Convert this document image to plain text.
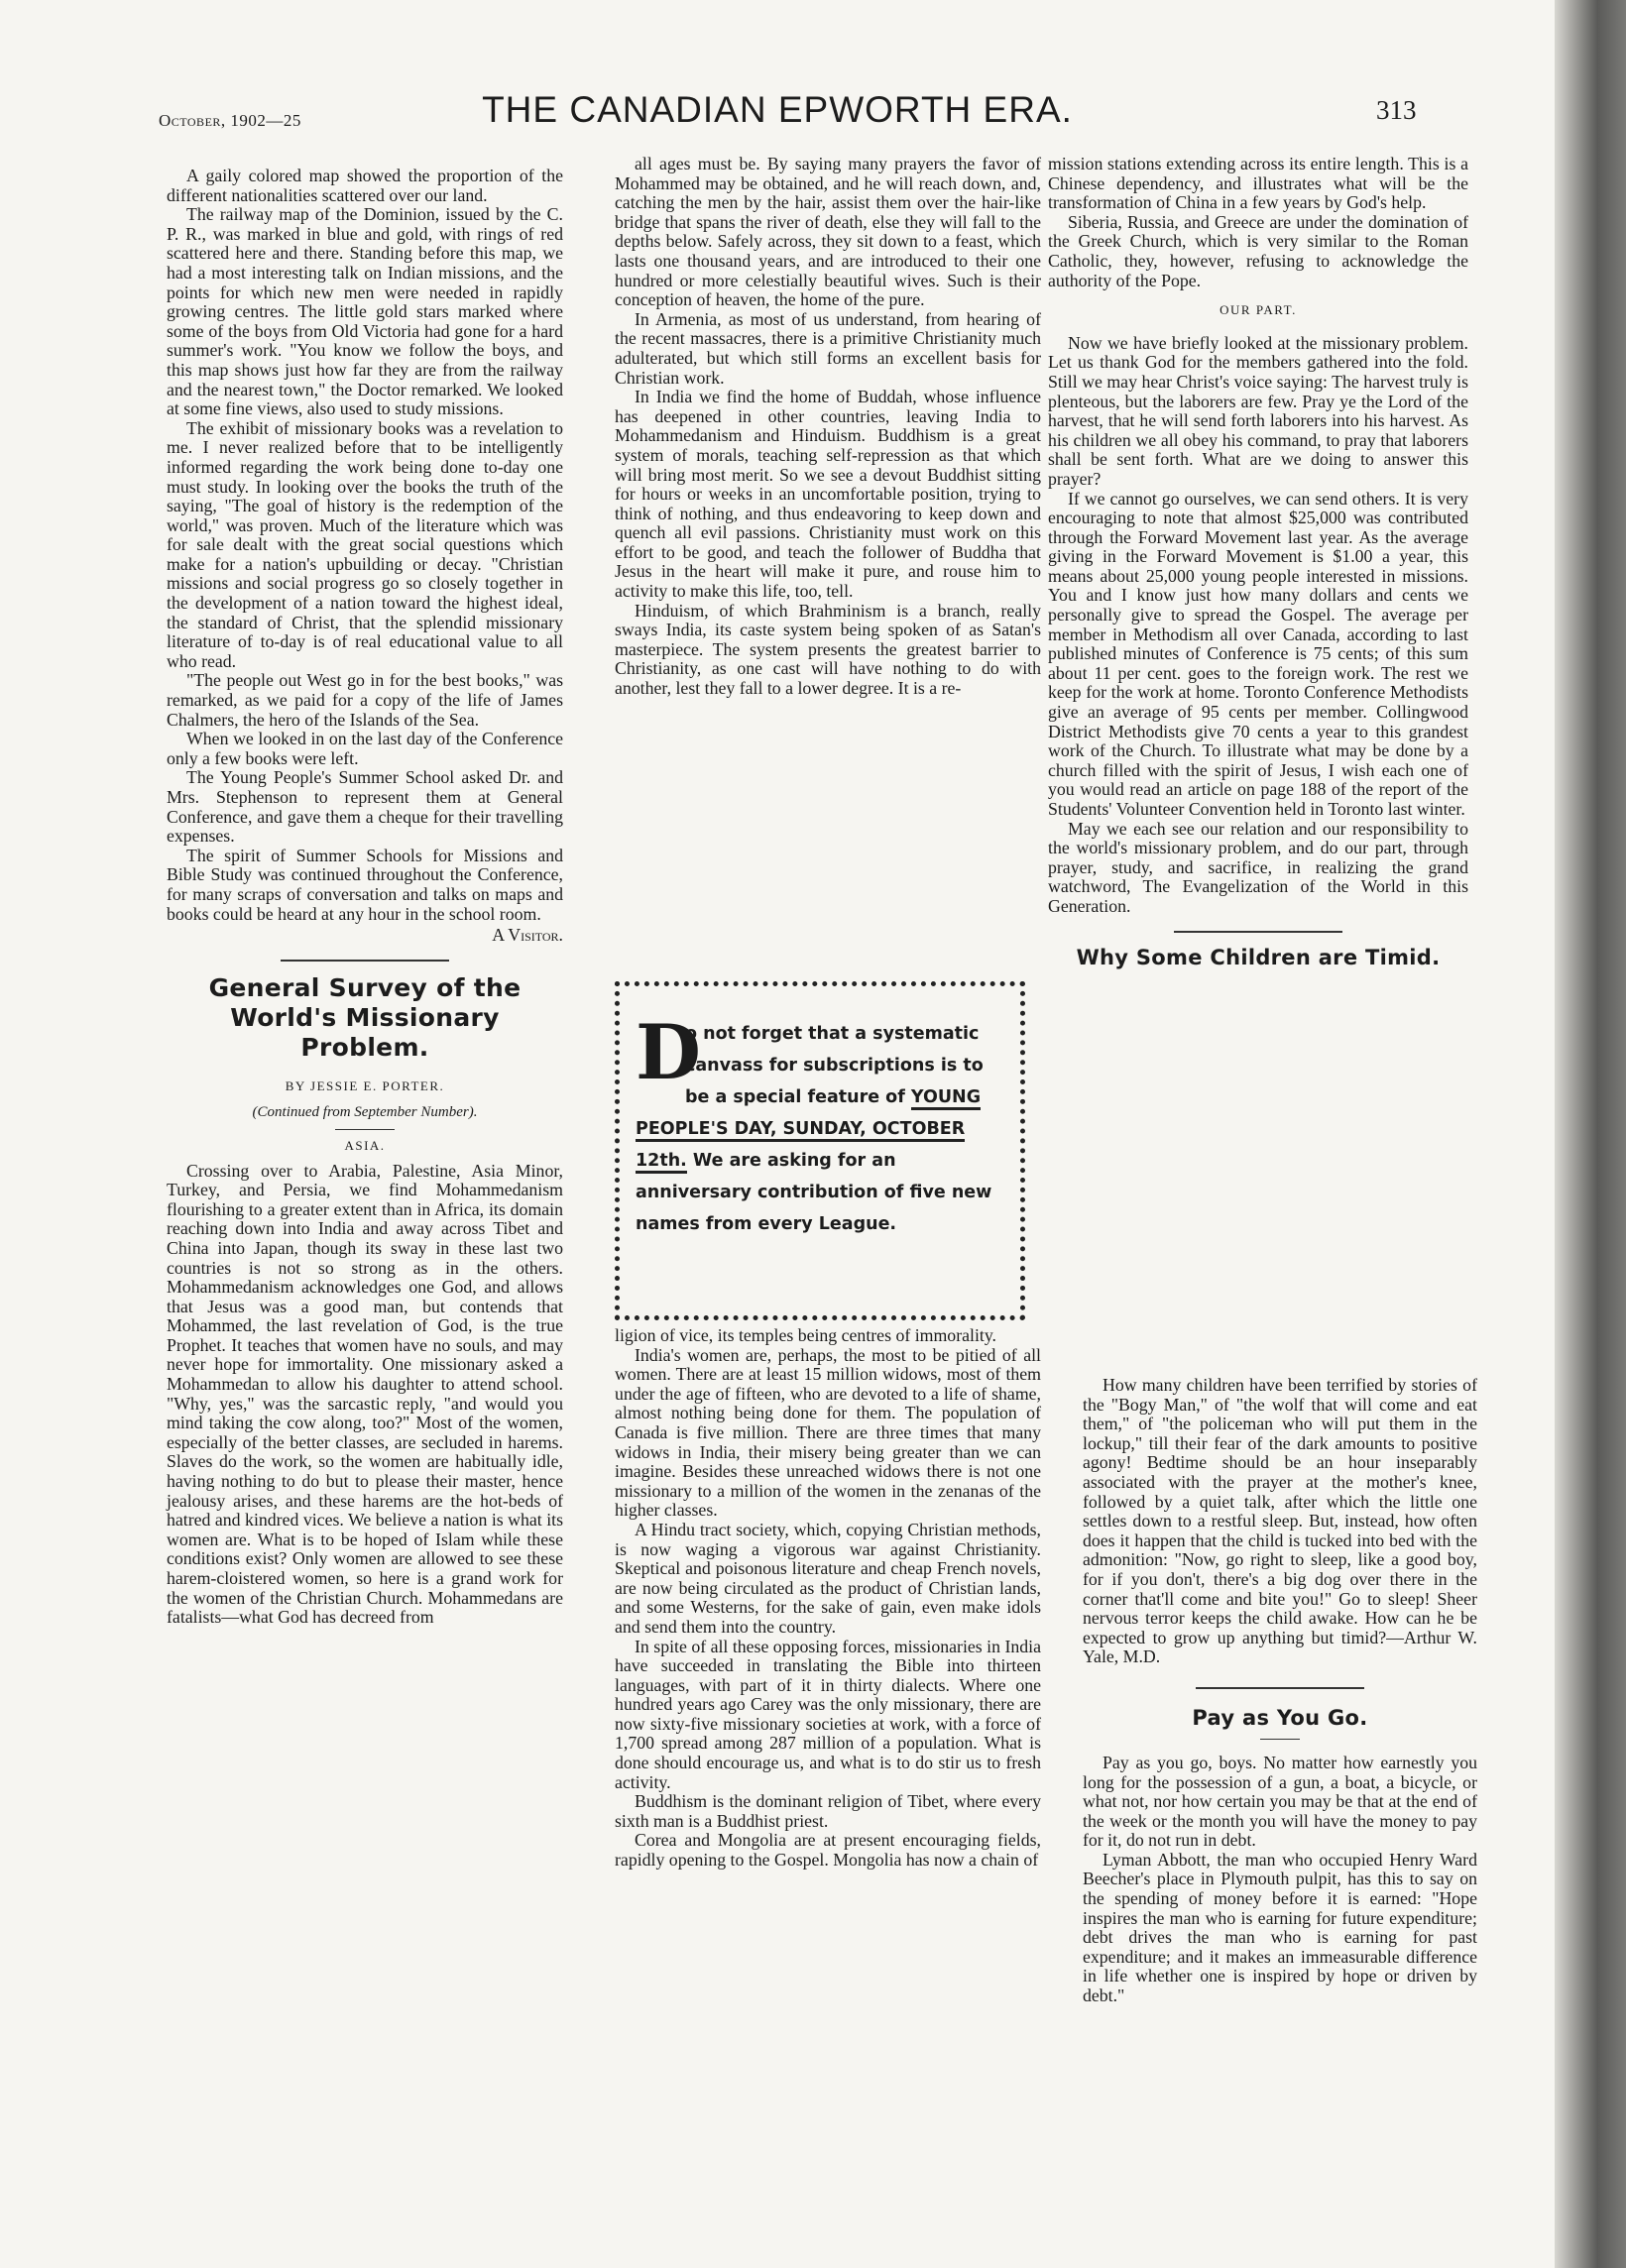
October, 1902—25	THE CANADIAN EPWORTH ERA.	313

A gaily colored map showed the proportion of the different nationalities scattered over our land.

The railway map of the Dominion, issued by the C. P. R., was marked in blue and gold, with rings of red scattered here and there. Standing before this map, we had a most interesting talk on Indian missions, and the points for which new men were needed in rapidly growing centres. The little gold stars marked where some of the boys from Old Victoria had gone for a hard summer's work. "You know we follow the boys, and this map shows just how far they are from the railway and the nearest town," the Doctor remarked. We looked at some fine views, also used to study missions.

The exhibit of missionary books was a revelation to me. I never realized before that to be intelligently informed regarding the work being done to-day one must study. In looking over the books the truth of the saying, "The goal of history is the redemption of the world," was proven. Much of the literature which was for sale dealt with the great social questions which make for a nation's upbuilding or decay. "Christian missions and social progress go so closely together in the development of a nation toward the highest ideal, the standard of Christ, that the splendid missionary literature of to-day is of real educational value to all who read.

"The people out West go in for the best books," was remarked, as we paid for a copy of the life of James Chalmers, the hero of the Islands of the Sea.

When we looked in on the last day of the Conference only a few books were left.

The Young People's Summer School asked Dr. and Mrs. Stephenson to represent them at General Conference, and gave them a cheque for their travelling expenses.

The spirit of Summer Schools for Missions and Bible Study was continued throughout the Conference, for many scraps of conversation and talks on maps and books could be heard at any hour in the school room.

A Visitor.

General Survey of the World's Missionary Problem.
BY JESSIE E. PORTER.
(Continued from September Number).
ASIA.

Crossing over to Arabia, Palestine, Asia Minor, Turkey, and Persia, we find Mohammedanism flourishing to a greater extent than in Africa, its domain reaching down into India and away across Tibet and China into Japan, though its sway in these last two countries is not so strong as in the others. Mohammedanism acknowledges one God, and allows that Jesus was a good man, but contends that Mohammed, the last revelation of God, is the true Prophet. It teaches that women have no souls, and may never hope for immortality. One missionary asked a Mohammedan to allow his daughter to attend school. "Why, yes," was the sarcastic reply, "and would you mind taking the cow along, too?" Most of the women, especially of the better classes, are secluded in harems. Slaves do the work, so the women are habitually idle, having nothing to do but to please their master, hence jealousy arises, and these harems are the hot-beds of hatred and kindred vices. We believe a nation is what its women are. What is to be hoped of Islam while these conditions exist? Only women are allowed to see these harem-cloistered women, so here is a grand work for the women of the Christian Church. Mohammedans are fatalists—what God has decreed from

all ages must be. By saying many prayers the favor of Mohammed may be obtained, and he will reach down, and, catching the men by the hair, assist them over the hair-like bridge that spans the river of death, else they will fall to the depths below. Safely across, they sit down to a feast, which lasts one thousand years, and are introduced to their one hundred or more celestially beautiful wives. Such is their conception of heaven, the home of the pure.

In Armenia, as most of us understand, from hearing of the recent massacres, there is a primitive Christianity much adulterated, but which still forms an excellent basis for Christian work.

In India we find the home of Buddah, whose influence has deepened in other countries, leaving India to Mohammedanism and Hinduism. Buddhism is a great system of morals, teaching self-repression as that which will bring most merit. So we see a devout Buddhist sitting for hours or weeks in an uncomfortable position, trying to think of nothing, and thus endeavoring to keep down and quench all evil passions. Christianity must work on this effort to be good, and teach the follower of Buddha that Jesus in the heart will make it pure, and rouse him to activity to make this life, too, tell.

Hinduism, of which Brahminism is a branch, really sways India, its caste system being spoken of as Satan's masterpiece. The system presents the greatest barrier to Christianity, as one cast will have nothing to do with another, lest they fall to a lower degree. It is a re-

D
o not forget that a systematic canvass for subscriptions is to be a special feature of YOUNG PEOPLE'S DAY, SUNDAY, OCTOBER 12th. We are asking for an anniversary contribution of five new names from every League.

ligion of vice, its temples being centres of immorality.

India's women are, perhaps, the most to be pitied of all women. There are at least 15 million widows, most of them under the age of fifteen, who are devoted to a life of shame, almost nothing being done for them. The population of Canada is five million. There are three times that many widows in India, their misery being greater than we can imagine. Besides these unreached widows there is not one missionary to a million of the women in the zenanas of the higher classes.

A Hindu tract society, which, copying Christian methods, is now waging a vigorous war against Christianity. Skeptical and poisonous literature and cheap French novels, are now being circulated as the product of Christian lands, and some Westerns, for the sake of gain, even make idols and send them into the country.

In spite of all these opposing forces, missionaries in India have succeeded in translating the Bible into thirteen languages, with part of it in thirty dialects. Where one hundred years ago Carey was the only missionary, there are now sixty-five missionary societies at work, with a force of 1,700 spread among 287 million of a population. What is done should encourage us, and what is to do stir us to fresh activity.

Buddhism is the dominant religion of Tibet, where every sixth man is a Buddhist priest.

Corea and Mongolia are at present encouraging fields, rapidly opening to the Gospel. Mongolia has now a chain of

mission stations extending across its entire length. This is a Chinese dependency, and illustrates what will be the transformation of China in a few years by God's help.

Siberia, Russia, and Greece are under the domination of the Greek Church, which is very similar to the Roman Catholic, they, however, refusing to acknowledge the authority of the Pope.

OUR PART.

Now we have briefly looked at the missionary problem. Let us thank God for the members gathered into the fold. Still we may hear Christ's voice saying: The harvest truly is plenteous, but the laborers are few. Pray ye the Lord of the harvest, that he will send forth laborers into his harvest. As his children we all obey his command, to pray that laborers shall be sent forth. What are we doing to answer this prayer?

If we cannot go ourselves, we can send others. It is very encouraging to note that almost $25,000 was contributed through the Forward Movement last year. As the average giving in the Forward Movement is $1.00 a year, this means about 25,000 young people interested in missions. You and I know just how many dollars and cents we personally give to spread the Gospel. The average per member in Methodism all over Canada, according to last published minutes of Conference is 75 cents; of this sum about 11 per cent. goes to the foreign work. The rest we keep for the work at home. Toronto Conference Methodists give an average of 95 cents per member. Collingwood District Methodists give 70 cents a year to this grandest work of the Church. To illustrate what may be done by a church filled with the spirit of Jesus, I wish each one of you would read an article on page 188 of the report of the Students' Volunteer Convention held in Toronto last winter.

May we each see our relation and our responsibility to the world's missionary problem, and do our part, through prayer, study, and sacrifice, in realizing the grand watchword, The Evangelization of the World in this Generation.

Why Some Children are Timid.

How many children have been terrified by stories of the "Bogy Man," of "the wolf that will come and eat them," of "the policeman who will put them in the lockup," till their fear of the dark amounts to positive agony! Bedtime should be an hour inseparably associated with the prayer at the mother's knee, followed by a quiet talk, after which the little one settles down to a restful sleep. But, instead, how often does it happen that the child is tucked into bed with the admonition: "Now, go right to sleep, like a good boy, for if you don't, there's a big dog over there in the corner that'll come and bite you!" Go to sleep! Sheer nervous terror keeps the child awake. How can he be expected to grow up anything but timid?—Arthur W. Yale, M.D.

Pay as You Go.

Pay as you go, boys. No matter how earnestly you long for the possession of a gun, a boat, a bicycle, or what not, nor how certain you may be that at the end of the week or the month you will have the money to pay for it, do not run in debt.

Lyman Abbott, the man who occupied Henry Ward Beecher's place in Plymouth pulpit, has this to say on the spending of money before it is earned: "Hope inspires the man who is earning for future expenditure; debt drives the man who is earning for past expenditure; and it makes an immeasurable difference in life whether one is inspired by hope or driven by debt."
